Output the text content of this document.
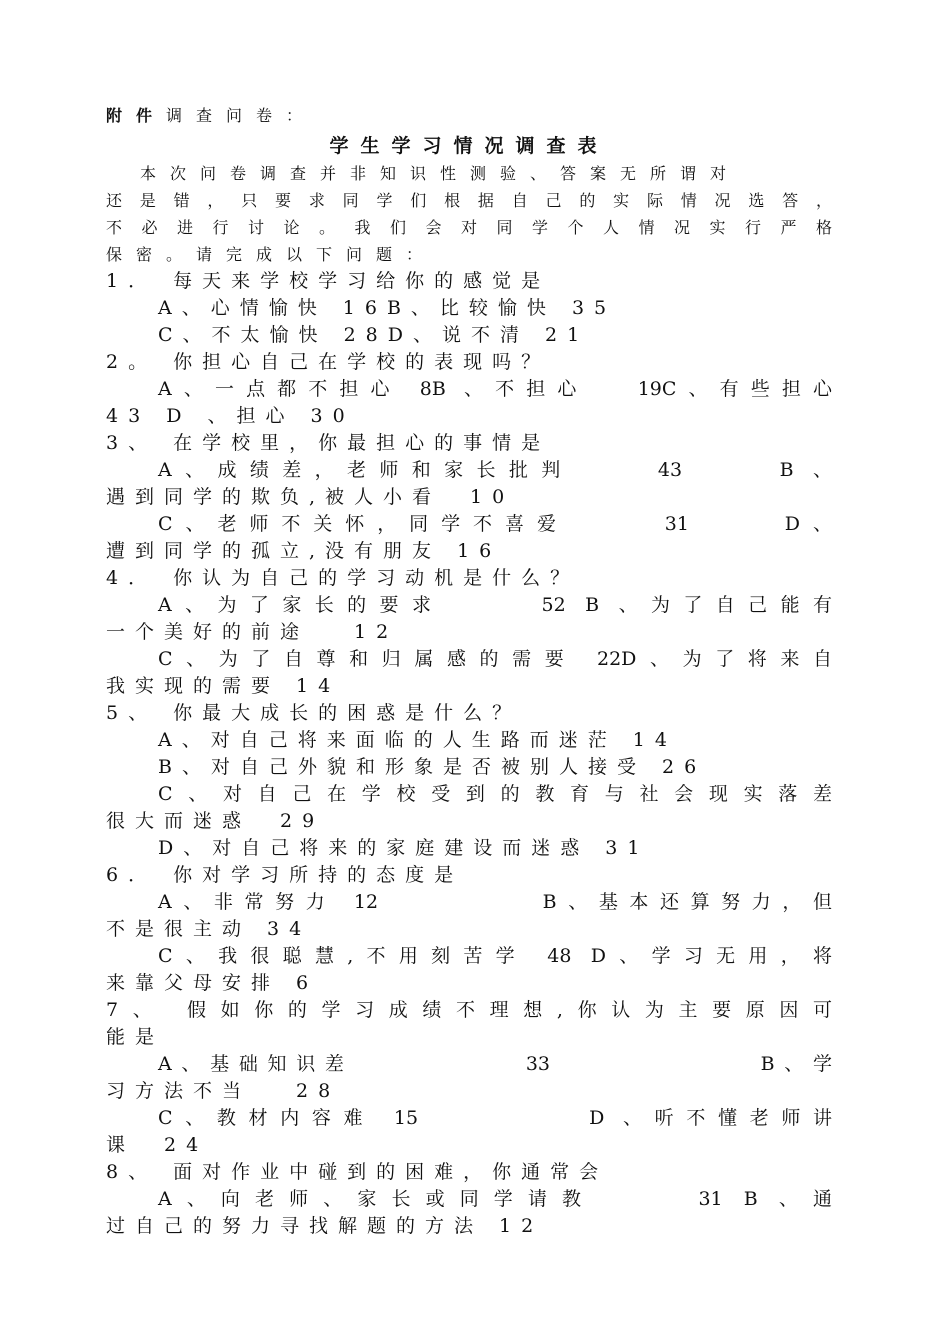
附件调查问卷：
学生学习情况调查表
本次问卷调查并非知识性测验、答案无所谓对
还是错，只要求同学们根据自己的实际情况选答，
不必进行讨论。我们会对同学个人情况实行严格
保密。请完成以下问题：
1． 每天来学校学习给你的感觉是
A、心情愉快 16B、比较愉快 35
C、不太愉快 28D、说不清 21
2。 你担心自己在学校的表现吗？
A、一点都不担心 8B 、不担心　 19C、有些担心
43 D 、担心 30
3、 在学校里，你最担心的事情是
A、成绩差，老师和家长批判　　 43　　 B 、
遇到同学的欺负,被人小看　10
C、老师不关怀，同学不喜爱　　　31　　 D、
遭到同学的孤立,没有朋友 16
4． 你认为自己的学习动机是什么？
A、为了家长的要求　　　52 B 、为了自己能有
一个美好的前途　 12
C、为了自尊和归属感的需要 22D、为了将来自
我实现的需要 14
5、 你最大成长的困惑是什么？
A、对自己将来面临的人生路而迷茫 14
B、对自己外貌和形象是否被别人接受 26
C、对自己在学校受到的教育与社会现实落差
很大而迷惑　29
D、对自己将来的家庭建设而迷惑 31
6． 你对学习所持的态度是
A、非常努力 12　　　　　B、基本还算努力，但
不是很主动 34
C、我很聪慧,不用刻苦学 48 D、学习无用，将
来靠父母安排 6
7、 假如你的学习成绩不理想,你认为主要原因可
能是
A、基础知识差　　　　　　33　　　　　　　B、学
习方法不当　 28
C、教材内容难 15　　　　　D 、听不懂老师讲
课　24
8、 面对作业中碰到的困难，你通常会
A、向老师、家长或同学请教　　　31 B 、通
过自己的努力寻找解题的方法 12
